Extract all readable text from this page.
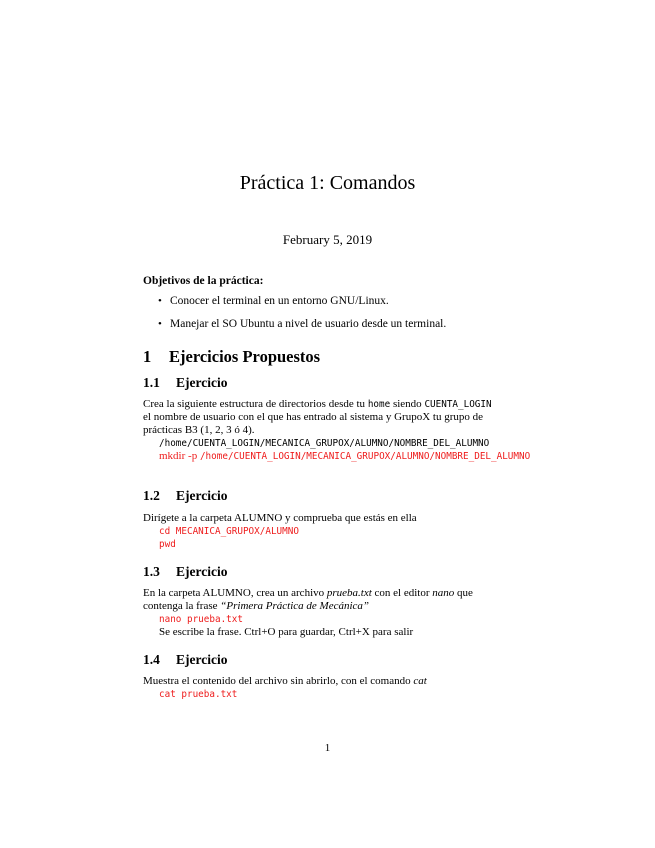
Práctica 1: Comandos
February 5, 2019
Objetivos de la práctica:
• Conocer el terminal en un entorno GNU/Linux.
• Manejar el SO Ubuntu a nivel de usuario desde un terminal.
1 Ejercicios Propuestos
1.1 Ejercicio
Crea la siguiente estructura de directorios desde tu home siendo CUENTA_LOGIN
el nombre de usuario con el que has entrado al sistema y GrupoX tu grupo de
prácticas B3 (1, 2, 3 ó 4).
/home/CUENTA_LOGIN/MECANICA_GRUPOX/ALUMNO/NOMBRE_DEL_ALUMNO
mkdir -p /home/CUENTA_LOGIN/MECANICA_GRUPOX/ALUMNO/NOMBRE_DEL_ALUMNO
1.2 Ejercicio
Dirígete a la carpeta ALUMNO y comprueba que estás en ella
cd MECANICA_GRUPOX/ALUMNO
pwd
1.3 Ejercicio
En la carpeta ALUMNO, crea un archivo prueba.txt con el editor nano que
contenga la frase “Primera Práctica de Mecánica”
nano prueba.txt
Se escribe la frase. Ctrl+O para guardar, Ctrl+X para salir
1.4 Ejercicio
Muestra el contenido del archivo sin abrirlo, con el comando cat
cat prueba.txt
1
